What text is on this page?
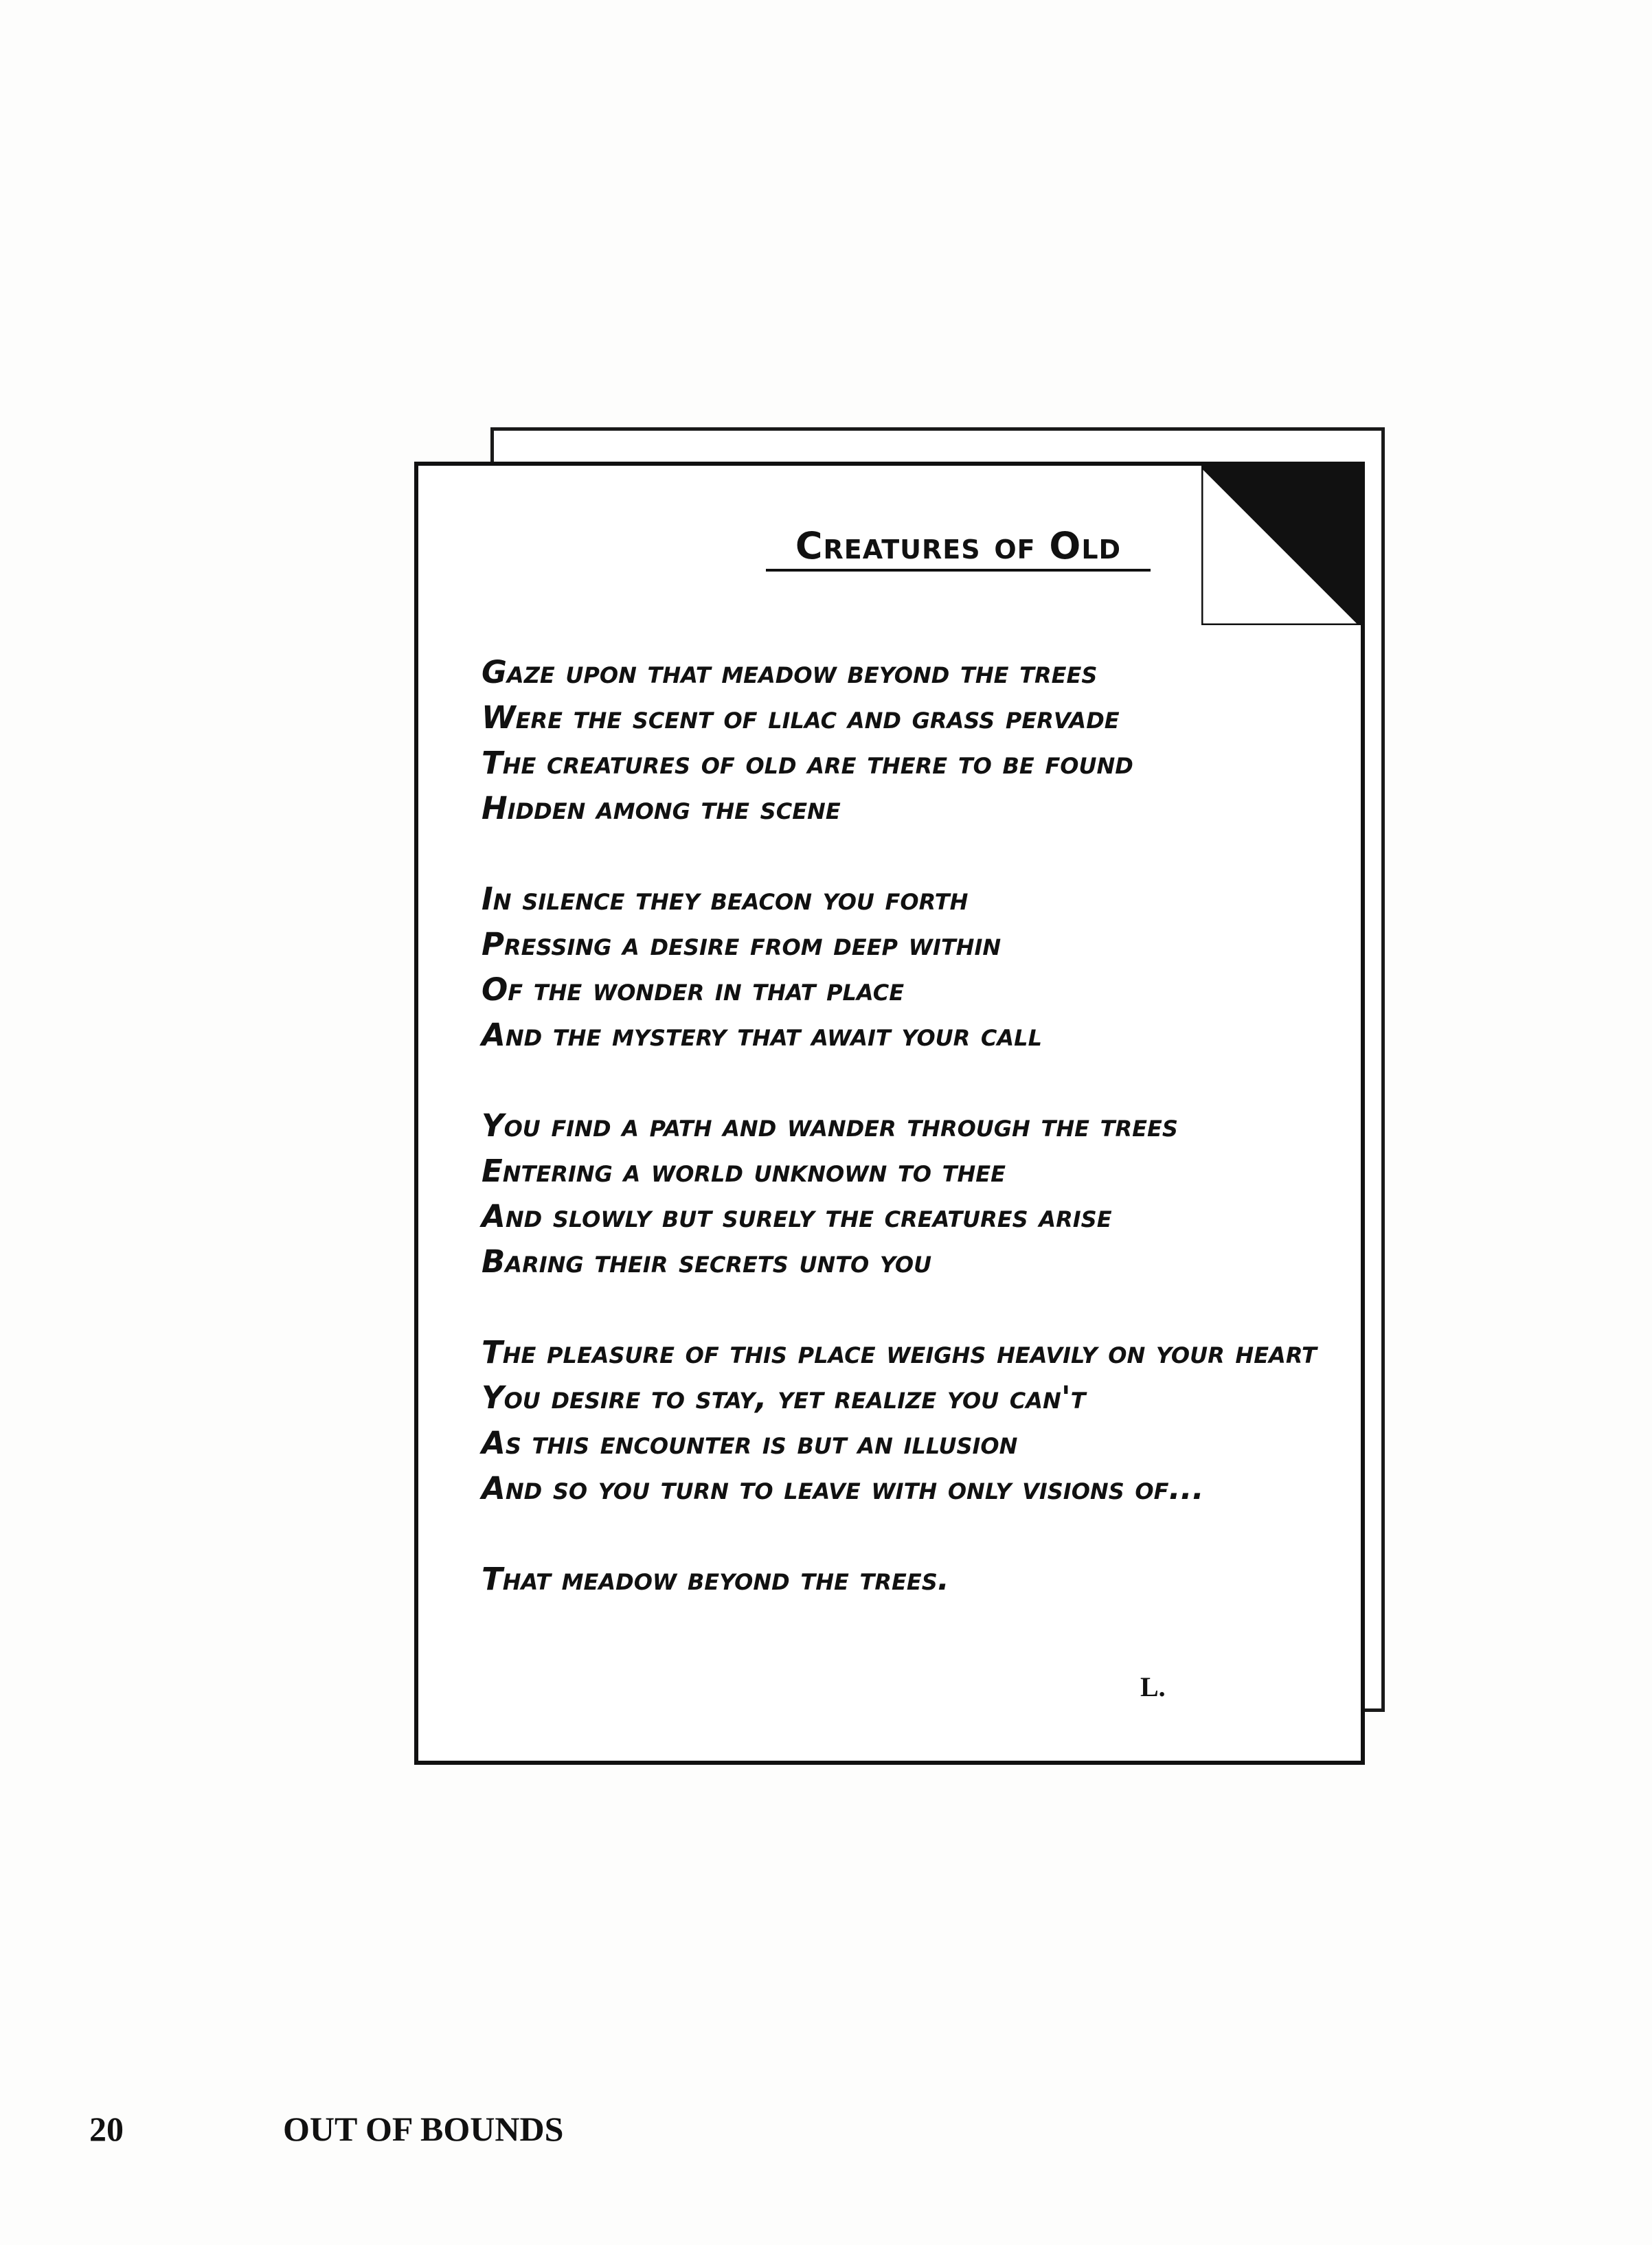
Creatures of Old
Gaze upon that meadow beyond the trees
Were the scent of lilac and grass pervade
The creatures of old are there to be found
Hidden among the scene
In silence they beacon you forth
Pressing a desire from deep within
Of the wonder in that place
And the mystery that await your call
You find a path and wander through the trees
Entering a world unknown to thee
And slowly but surely the creatures arise
Baring their secrets unto you
The pleasure of this place weighs heavily on your heart
You desire to stay, yet realize you can't
As this encounter is but an illusion
And so you turn to leave with only visions of...
That meadow beyond the trees.
L.
20	OUT OF BOUNDS
